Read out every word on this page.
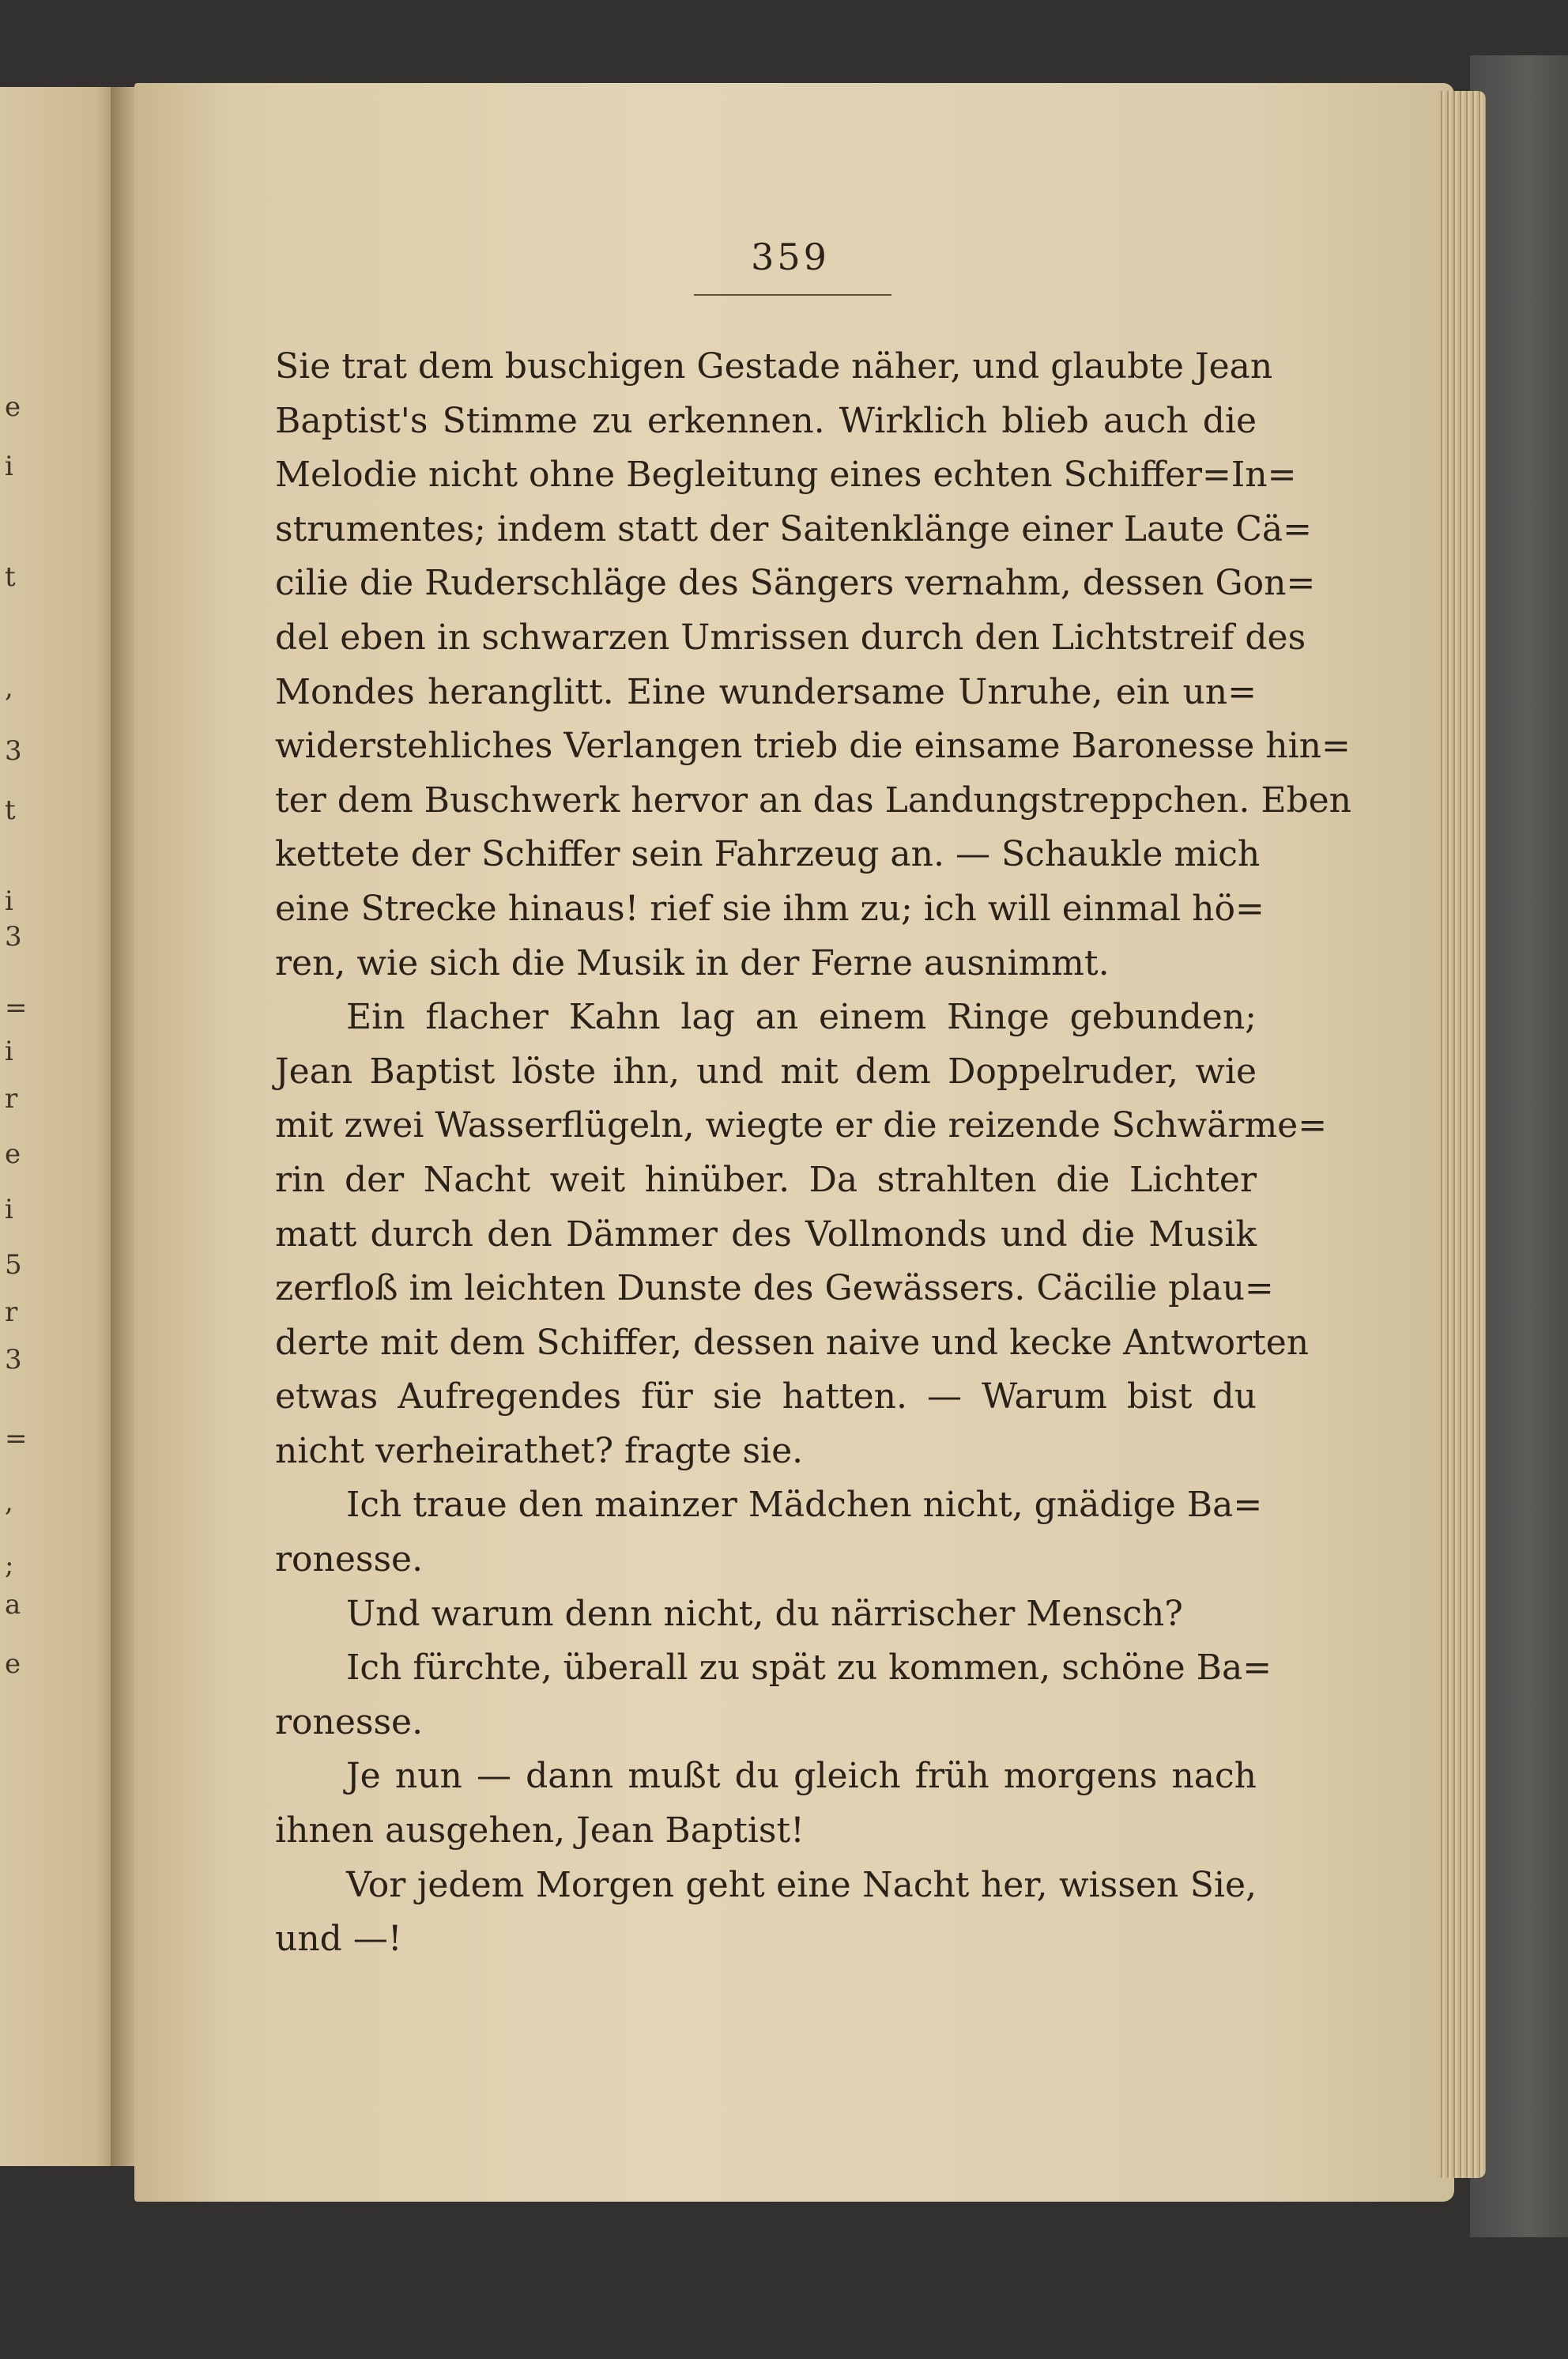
e
i
t
,
3
t
i
3
=
i
r
e
i
5
r
3
=
,
;
a
e
359
Sie trat dem buschigen Gestade näher, und glaubte Jean
Baptist's Stimme zu erkennen. Wirklich blieb auch die
Melodie nicht ohne Begleitung eines echten Schiffer=In=
strumentes; indem statt der Saitenklänge einer Laute Cä=
cilie die Ruderschläge des Sängers vernahm, dessen Gon=
del eben in schwarzen Umrissen durch den Lichtstreif des
Mondes heranglitt. Eine wundersame Unruhe, ein un=
widerstehliches Verlangen trieb die einsame Baronesse hin=
ter dem Buschwerk hervor an das Landungstreppchen. Eben
kettete der Schiffer sein Fahrzeug an. — Schaukle mich
eine Strecke hinaus! rief sie ihm zu; ich will einmal hö=
ren, wie sich die Musik in der Ferne ausnimmt.
Ein flacher Kahn lag an einem Ringe gebunden;
Jean Baptist löste ihn, und mit dem Doppelruder, wie
mit zwei Wasserflügeln, wiegte er die reizende Schwärme=
rin der Nacht weit hinüber. Da strahlten die Lichter
matt durch den Dämmer des Vollmonds und die Musik
zerfloß im leichten Dunste des Gewässers. Cäcilie plau=
derte mit dem Schiffer, dessen naive und kecke Antworten
etwas Aufregendes für sie hatten. — Warum bist du
nicht verheirathet? fragte sie.
Ich traue den mainzer Mädchen nicht, gnädige Ba=
ronesse.
Und warum denn nicht, du närrischer Mensch?
Ich fürchte, überall zu spät zu kommen, schöne Ba=
ronesse.
Je nun — dann mußt du gleich früh morgens nach
ihnen ausgehen, Jean Baptist!
Vor jedem Morgen geht eine Nacht her, wissen Sie,
und —!
